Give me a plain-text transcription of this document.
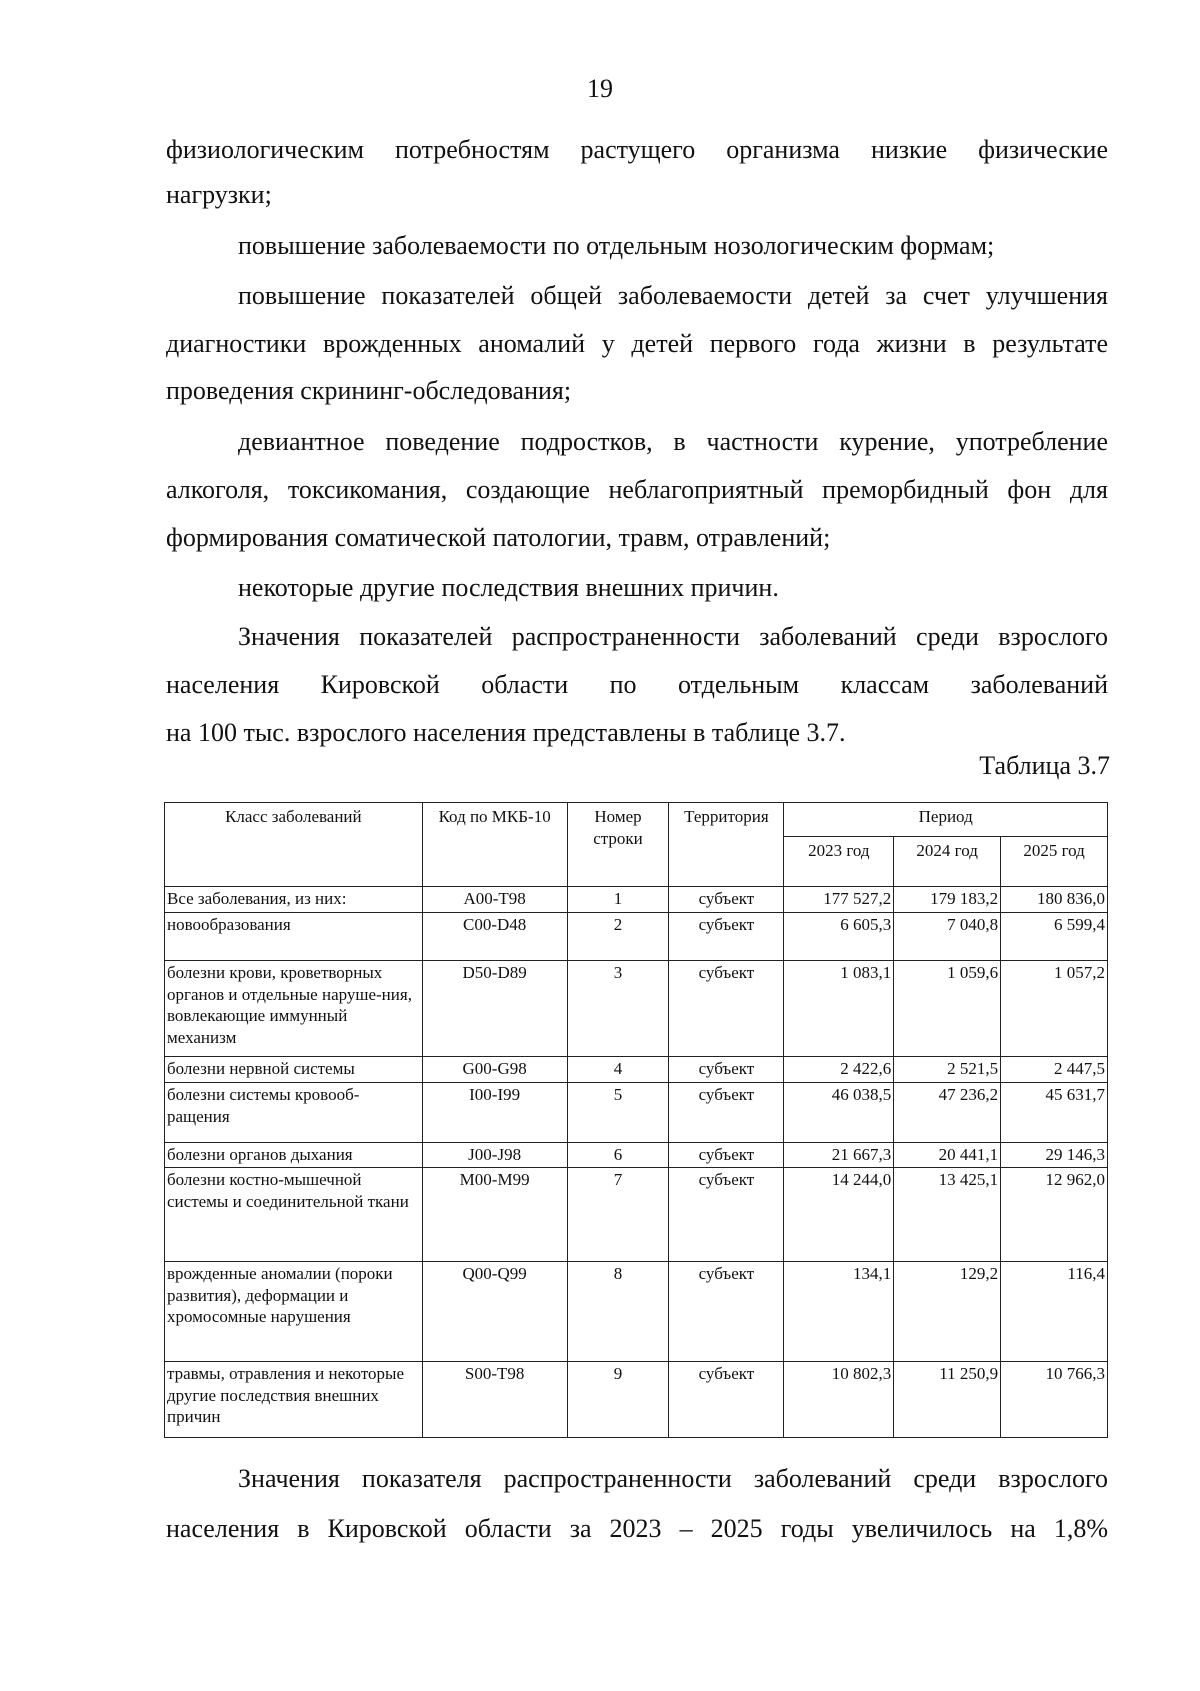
19
физиологическим потребностям растущего организма низкие физические
нагрузки;
повышение заболеваемости по отдельным нозологическим формам;
повышение показателей общей заболеваемости детей за счет улучшения
диагностики врожденных аномалий у детей первого года жизни в результате
проведения скрининг-обследования;
девиантное поведение подростков, в частности курение, употребление
алкоголя, токсикомания, создающие неблагоприятный преморбидный фон для
формирования соматической патологии, травм, отравлений;
некоторые другие последствия внешних причин.
Значения показателей распространенности заболеваний среди взрослого
населения Кировской области по отдельным классам заболеваний
на 100 тыс. взрослого населения представлены в таблице 3.7.
Таблица 3.7
Класс заболеваний	Код по МКБ-10	Номер строки	Территория	Период		
				2023 год	2024 год	2025 год
Все заболевания, из них:	A00-T98	1	субъект	177 527,2	179 183,2	180 836,0
новообразования	C00-D48	2	субъект	6 605,3	7 040,8	6 599,4
болезни крови, кроветворных органов и отдельные наруше-ния, вовлекающие иммунный механизм	D50-D89	3	субъект	1 083,1	1 059,6	1 057,2
болезни нервной системы	G00-G98	4	субъект	2 422,6	2 521,5	2 447,5
болезни системы кровооб-ращения	I00-I99	5	субъект	46 038,5	47 236,2	45 631,7
болезни органов дыхания	J00-J98	6	субъект	21 667,3	20 441,1	29 146,3
болезни костно-мышечной системы и соединительной ткани	M00-M99	7	субъект	14 244,0	13 425,1	12 962,0
врожденные аномалии (пороки развития), деформации и хромосомные нарушения	Q00-Q99	8	субъект	134,1	129,2	116,4
травмы, отравления и некоторые другие последствия внешних причин	S00-T98	9	субъект	10 802,3	11 250,9	10 766,3
Значения показателя распространенности заболеваний среди взрослого
населения в Кировской области за 2023 – 2025 годы увеличилось на 1,8%
